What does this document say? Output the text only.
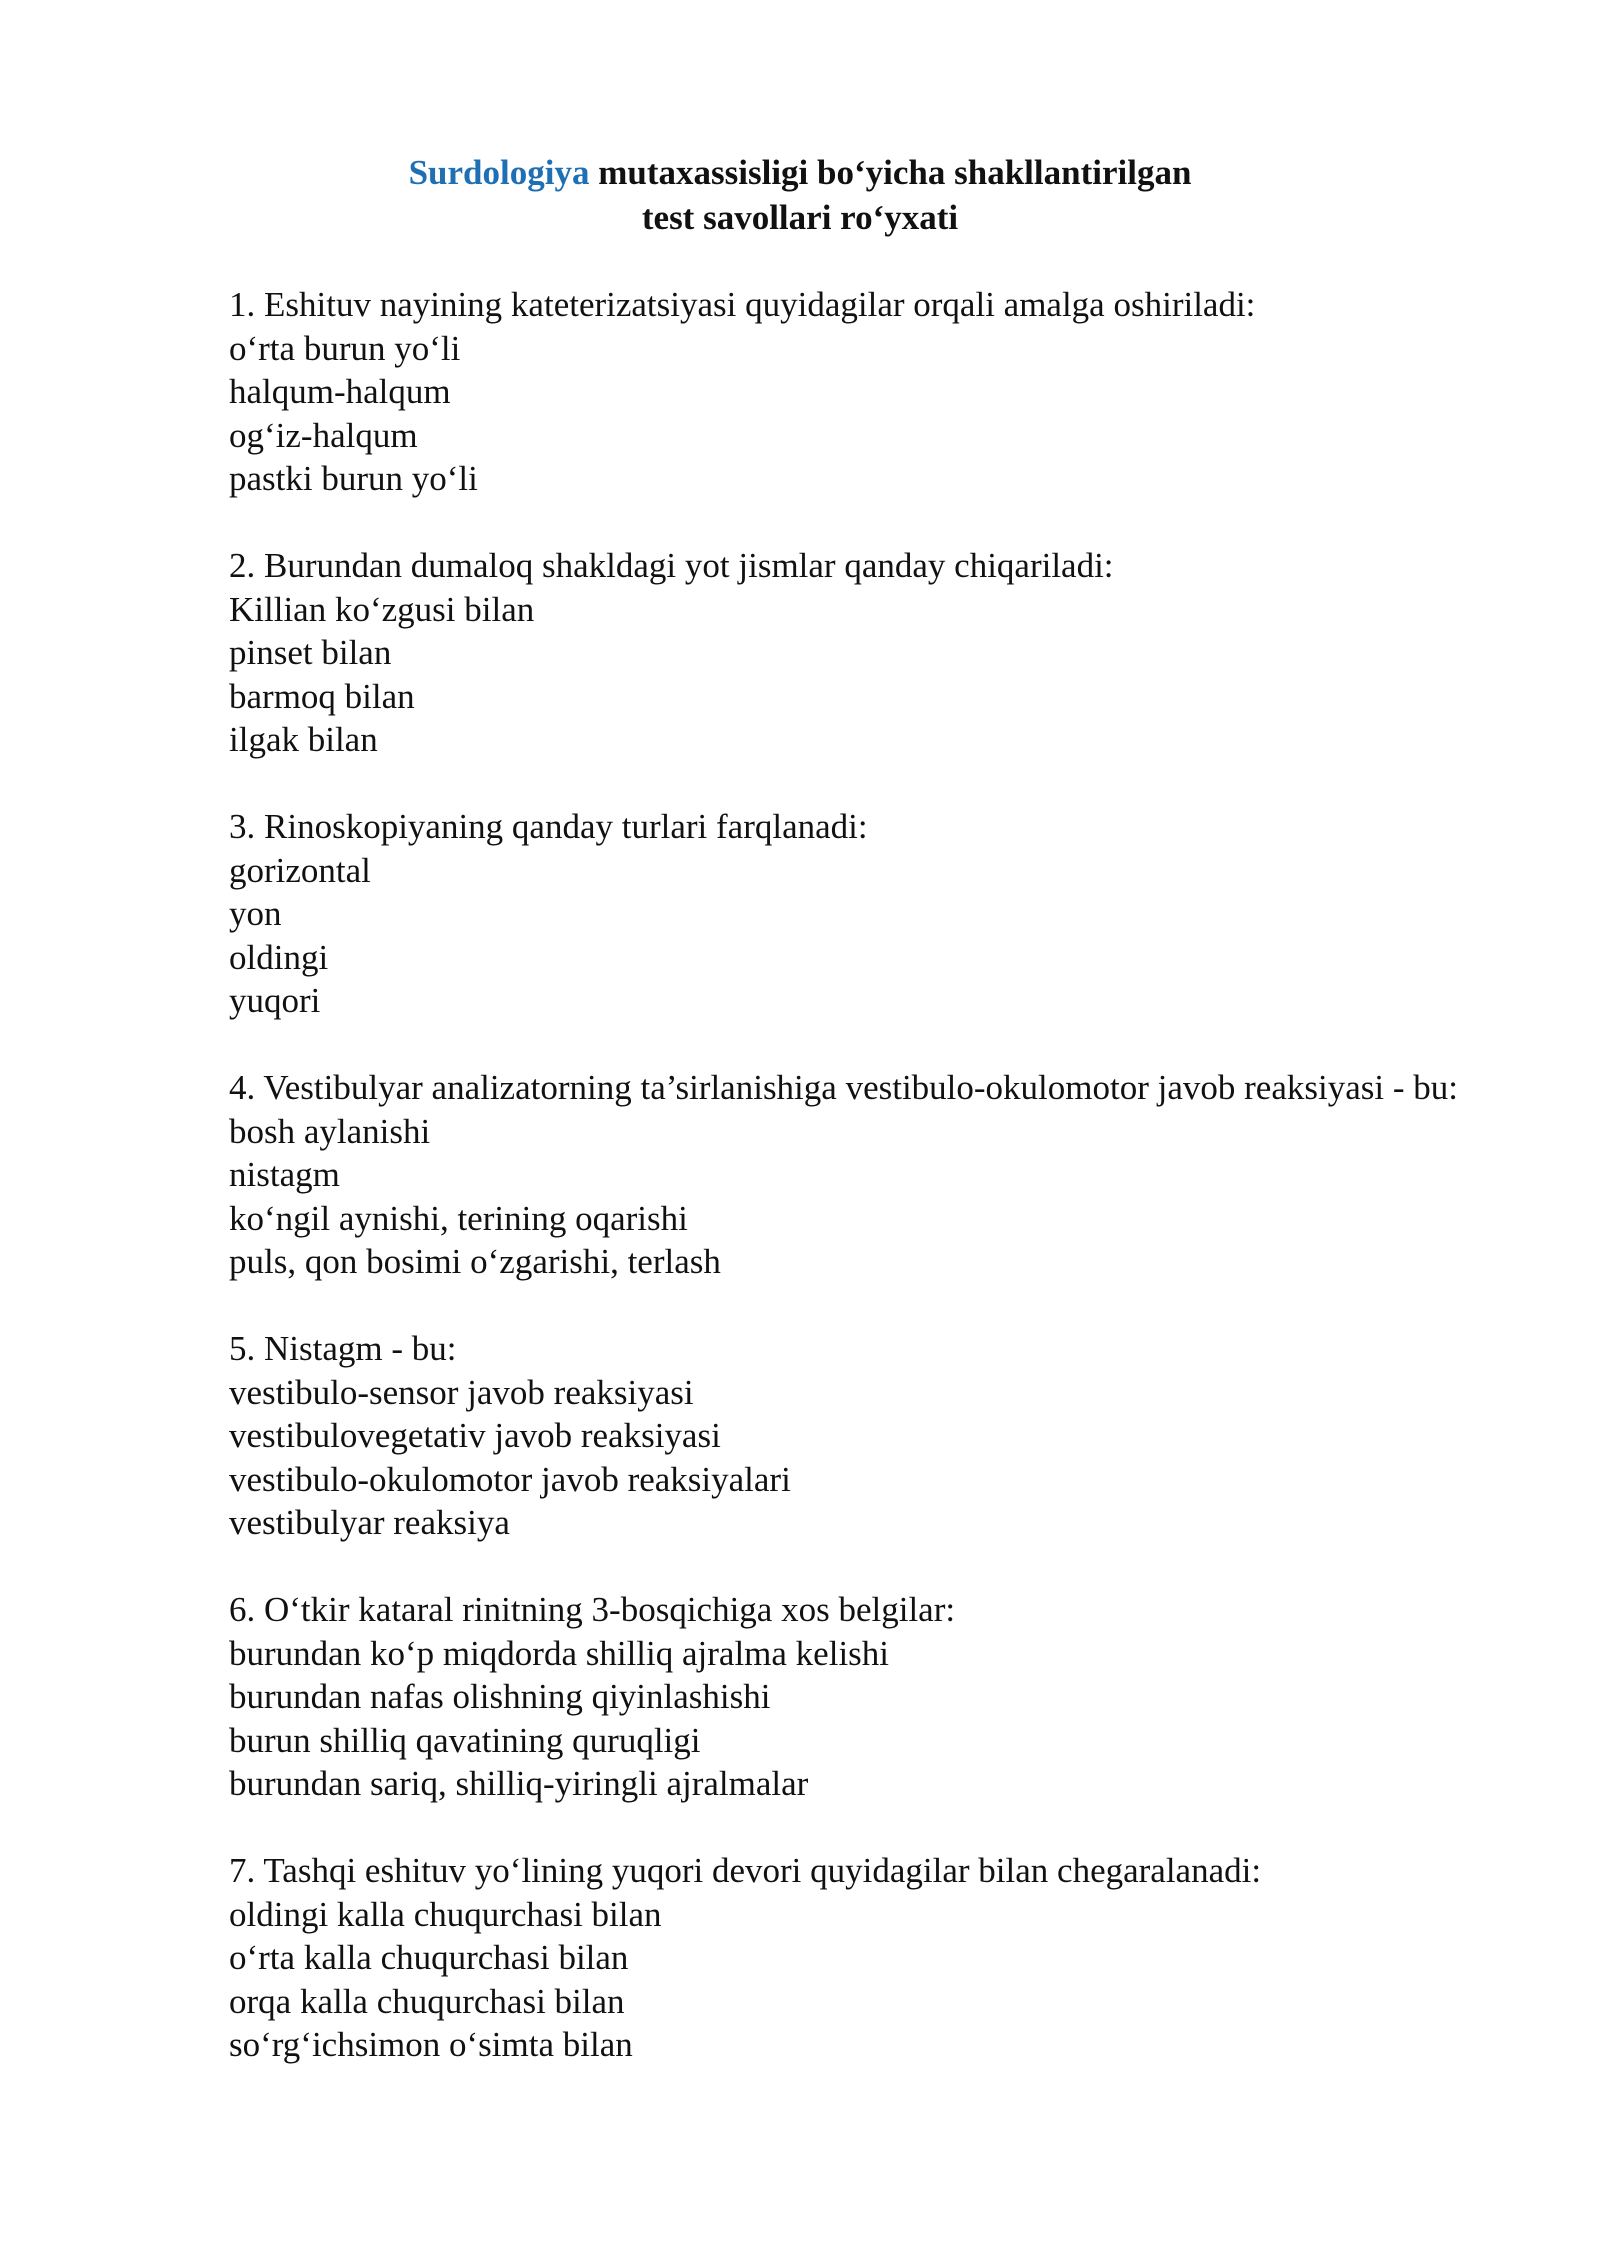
Surdologiya mutaxassisligi bo‘yicha shakllantirilgan
test savollari ro‘yxati
1. Eshituv nayining kateterizatsiyasi quyidagilar orqali amalga oshiriladi:
o‘rta burun yo‘li
halqum-halqum
og‘iz-halqum
pastki burun yo‘li
2. Burundan dumaloq shakldagi yot jismlar qanday chiqariladi:
Killian ko‘zgusi bilan
pinset bilan
barmoq bilan
ilgak bilan
3. Rinoskopiyaning qanday turlari farqlanadi:
gorizontal
yon
oldingi
yuqori
4. Vestibulyar analizatorning ta’sirlanishiga vestibulo-okulomotor javob reaksiyasi - bu:
bosh aylanishi
nistagm
ko‘ngil aynishi, terining oqarishi
puls, qon bosimi o‘zgarishi, terlash
5. Nistagm - bu:
vestibulo-sensor javob reaksiyasi
vestibulovegetativ javob reaksiyasi
vestibulo-okulomotor javob reaksiyalari
vestibulyar reaksiya
6. O‘tkir kataral rinitning 3-bosqichiga xos belgilar:
burundan ko‘p miqdorda shilliq ajralma kelishi
burundan nafas olishning qiyinlashishi
burun shilliq qavatining quruqligi
burundan sariq, shilliq-yiringli ajralmalar
7. Tashqi eshituv yo‘lining yuqori devori quyidagilar bilan chegaralanadi:
oldingi kalla chuqurchasi bilan
o‘rta kalla chuqurchasi bilan
orqa kalla chuqurchasi bilan
so‘rg‘ichsimon o‘simta bilan
